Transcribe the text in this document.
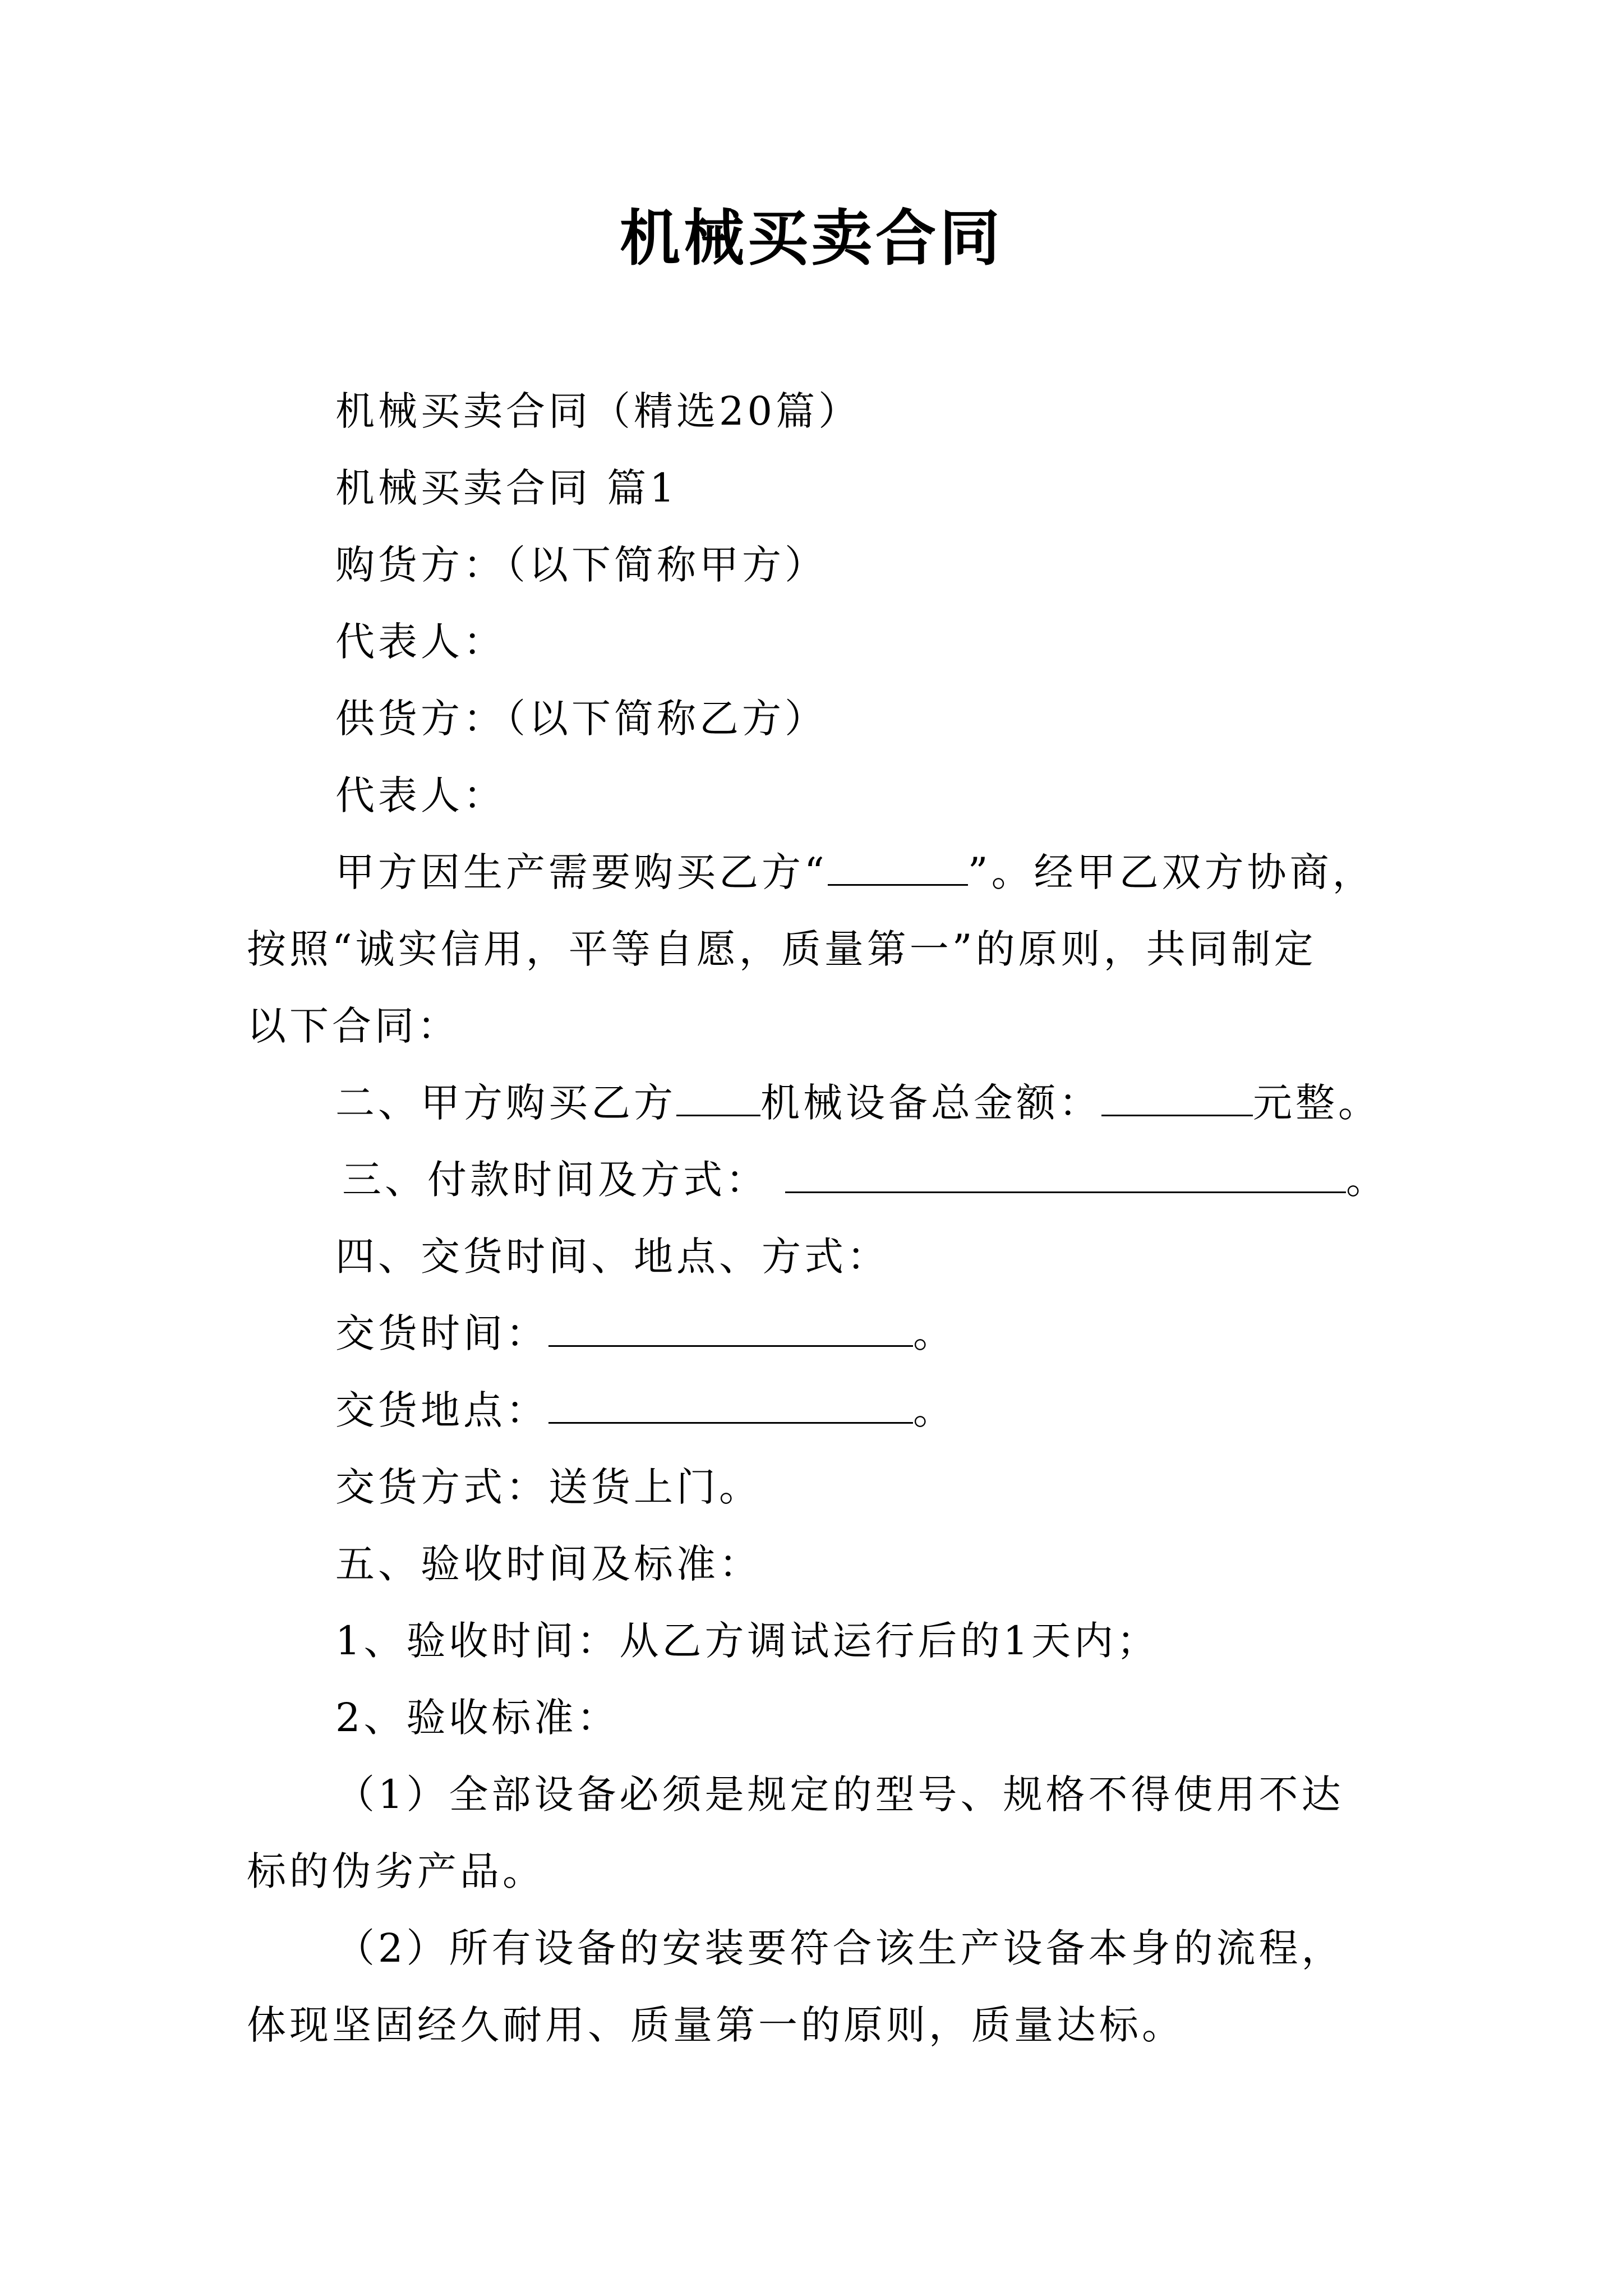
机械买卖合同
机械买卖合同（精选20篇）
机械买卖合同 篇1
购货方：（以下简称甲方）
代表人：
供货方：（以下简称乙方）
代表人：
甲方因生产需要购买乙方“	”。经甲乙双方协商，
按照“诚实信用，平等自愿，质量第一”的原则，共同制定
以下合同：
二、甲方购买乙方 机械设备总金额：	元整。
三、付款时间及方式：	。
四、交货时间、地点、方式：
交货时间：	。
交货地点：	。
交货方式：送货上门。
五、验收时间及标准：
1、验收时间：从乙方调试运行后的1天内；
2、验收标准：
（1）全部设备必须是规定的型号、规格不得使用不达
标的伪劣产品。
（2）所有设备的安装要符合该生产设备本身的流程，
体现坚固经久耐用、质量第一的原则，质量达标。
